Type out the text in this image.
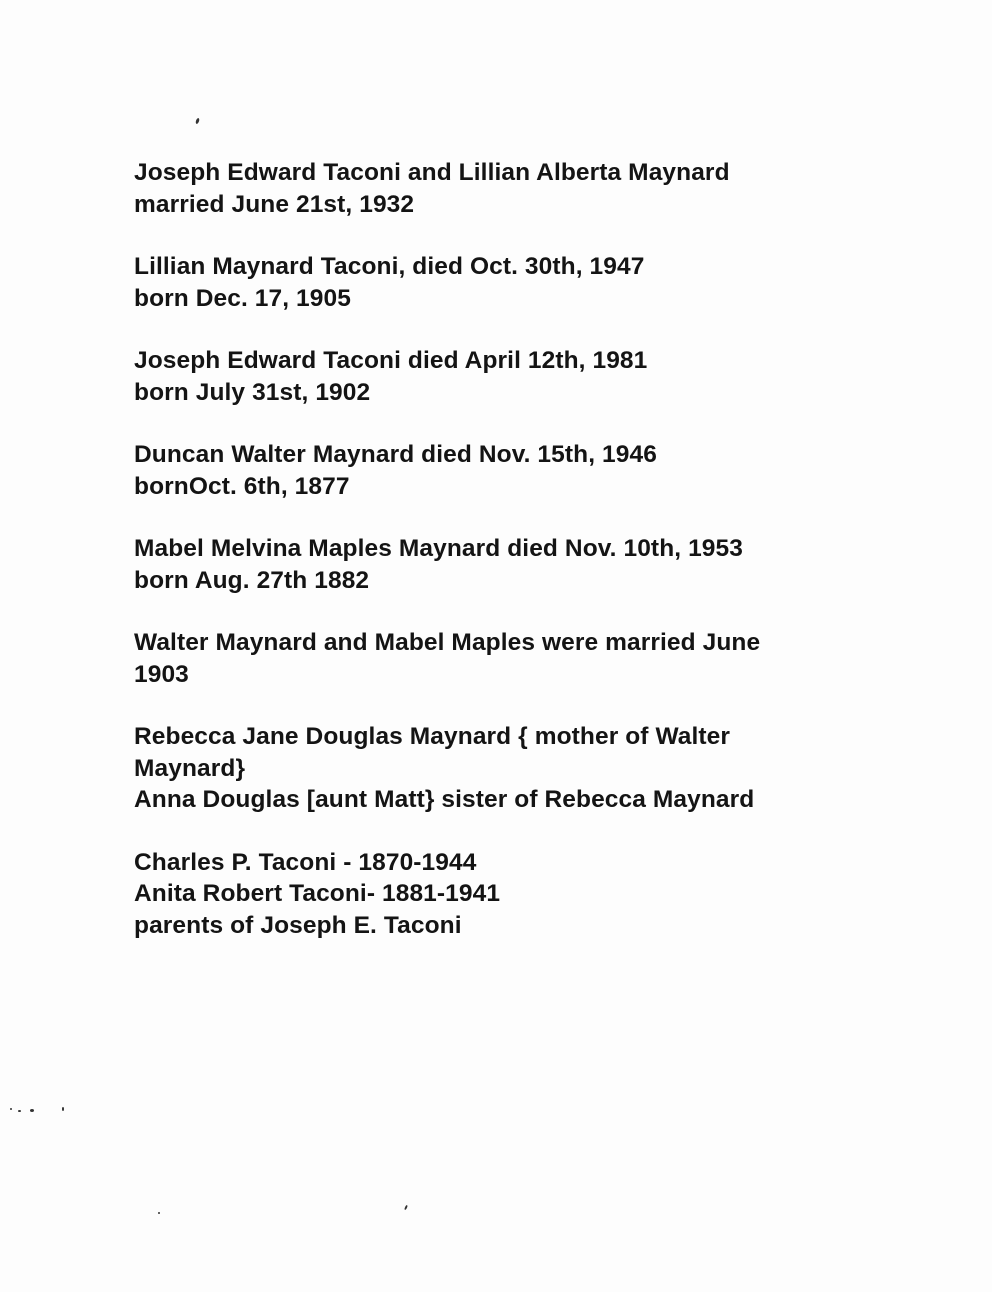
Joseph Edward Taconi and Lillian Alberta Maynard
married June 21st, 1932
Lillian Maynard Taconi, died Oct. 30th, 1947
born Dec. 17, 1905
Joseph Edward Taconi died April 12th, 1981
born July 31st, 1902
Duncan Walter Maynard died Nov. 15th, 1946
bornOct. 6th, 1877
Mabel Melvina Maples Maynard died Nov. 10th, 1953
born Aug. 27th 1882
Walter Maynard and Mabel Maples were married June
1903
Rebecca Jane Douglas Maynard { mother of Walter
Maynard}
Anna Douglas [aunt Matt} sister of Rebecca Maynard
Charles P. Taconi - 1870-1944
Anita Robert Taconi- 1881-1941
parents of Joseph E. Taconi
